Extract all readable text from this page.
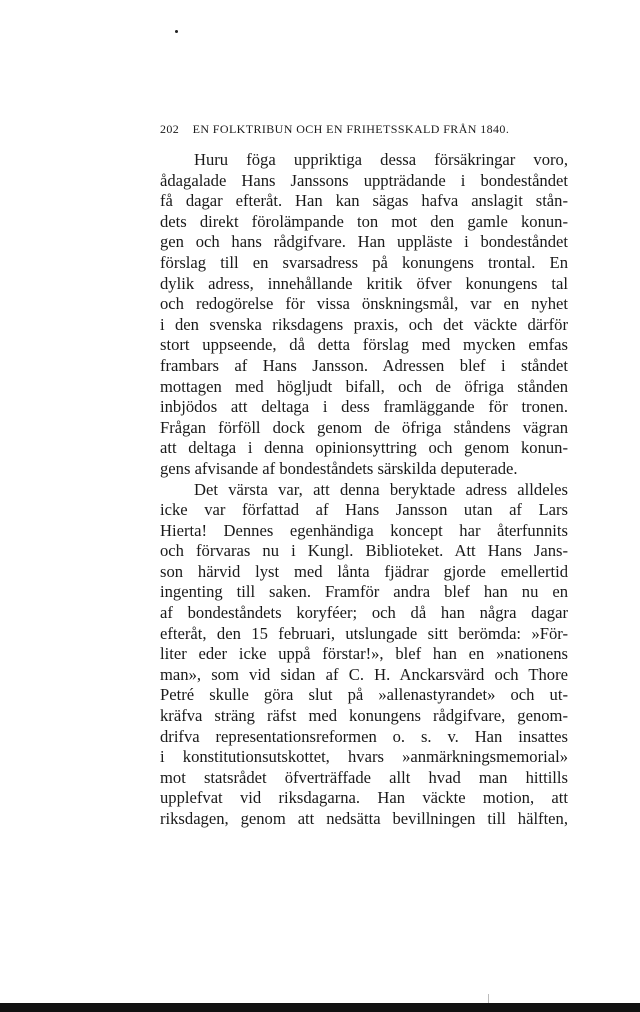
202 EN FOLKTRIBUN OCH EN FRIHETSSKALD FRÅN 1840.
Huru föga uppriktiga dessa försäkringar voro,
ådagalade Hans Janssons uppträdande i bondeståndet
få dagar efteråt. Han kan sägas hafva anslagit stån-
dets direkt förolämpande ton mot den gamle konun-
gen och hans rådgifvare. Han uppläste i bondeståndet
förslag till en svarsadress på konungens trontal. En
dylik adress, innehållande kritik öfver konungens tal
och redogörelse för vissa önskningsmål, var en nyhet
i den svenska riksdagens praxis, och det väckte därför
stort uppseende, då detta förslag med mycken emfas
frambars af Hans Jansson. Adressen blef i ståndet
mottagen med högljudt bifall, och de öfriga stånden
inbjödos att deltaga i dess framläggande för tronen.
Frågan förföll dock genom de öfriga ståndens vägran
att deltaga i denna opinionsyttring och genom konun-
gens afvisande af bondeståndets särskilda deputerade.
Det värsta var, att denna beryktade adress alldeles
icke var författad af Hans Jansson utan af Lars
Hierta! Dennes egenhändiga koncept har återfunnits
och förvaras nu i Kungl. Biblioteket. Att Hans Jans-
son härvid lyst med lånta fjädrar gjorde emellertid
ingenting till saken. Framför andra blef han nu en
af bondeståndets koryféer; och då han några dagar
efteråt, den 15 februari, utslungade sitt berömda: »För-
liter eder icke uppå förstar!», blef han en »nationens
man», som vid sidan af C. H. Anckarsvärd och Thore
Petré skulle göra slut på »allenastyrandet» och ut-
kräfva sträng räfst med konungens rådgifvare, genom-
drifva representationsreformen o. s. v. Han insattes
i konstitutionsutskottet, hvars »anmärkningsmemorial»
mot statsrådet öfverträffade allt hvad man hittills
upplefvat vid riksdagarna. Han väckte motion, att
riksdagen, genom att nedsätta bevillningen till hälften,
